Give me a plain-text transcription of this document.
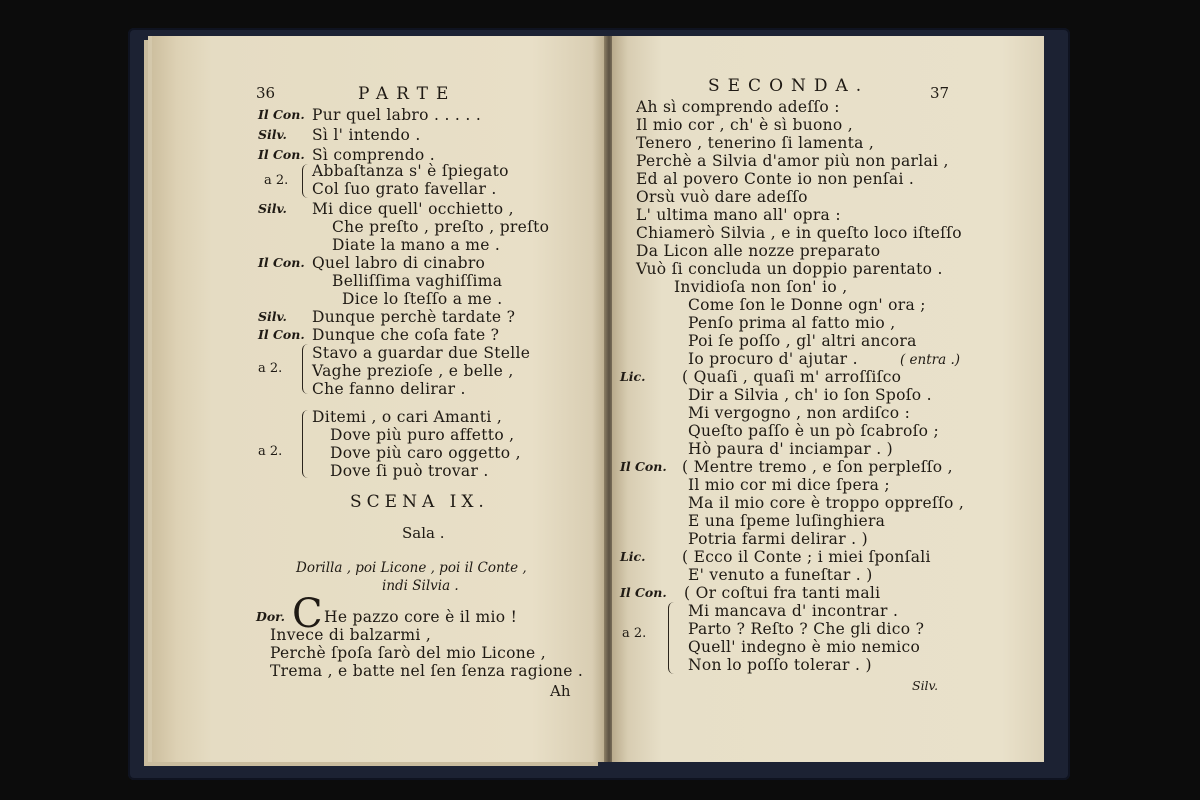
36	PARTE
Il Con. Pur quel labro . . . . .
Silv. Sì l' intendo .
Il Con. Sì comprendo .
a 2.
Abbaſtanza s' è ſpiegato
Col ſuo grato favellar .
Silv. Mi dice quell' occhietto ,
Che preſto , preſto , preſto
Diate la mano a me .
Il Con. Quel labro di cinabro
Belliſſima vaghiſſima
Dice lo ſteſſo a me .
Silv. Dunque perchè tardate ?
Il Con. Dunque che coſa fate ?
a 2.
Stavo a guardar due Stelle
Vaghe prezioſe , e belle ,
Che fanno delirar .
a 2.
Ditemi , o cari Amanti ,
Dove più puro affetto ,
Dove più caro oggetto ,
Dove ſi può trovar .
SCENA IX.
Sala .
Dorilla , poi Licone , poi il Conte ,
indi Silvia .
Dor. C He pazzo core è il mio !
Invece di balzarmi ,
Perchè ſpoſa ſarò del mio Licone ,
Trema , e batte nel ſen ſenza ragione .
Ah
SECONDA.	37
Ah sì comprendo adeſſo :
Il mio cor , ch' è sì buono ,
Tenero , tenerino ſi lamenta ,
Perchè a Silvia d'amor più non parlai ,
Ed al povero Conte io non penſai .
Orsù vuò dare adeſſo
L' ultima mano all' opra :
Chiamerò Silvia , e in queſto loco iſteſſo
Da Licon alle nozze preparato
Vuò ſi concluda un doppio parentato .
Invidioſa non ſon' io ,
Come ſon le Donne ogn' ora ;
Penſo prima al fatto mio ,
Poi ſe poſſo , gl' altri ancora
Io procuro d' ajutar .	( entra .)
Lic. ( Quaſi , quaſi m' arroſſiſco
Dir a Silvia , ch' io ſon Spoſo .
Mi vergogno , non ardiſco :
Queſto paſſo è un pò ſcabroſo ;
Hò paura d' inciampar . )
Il Con. ( Mentre tremo , e ſon perpleſſo ,
Il mio cor mi dice ſpera ;
Ma il mio core è troppo oppreſſo ,
E una ſpeme luſinghiera
Potria farmi delirar . )
Lic. ( Ecco il Conte ; i miei ſponſali
E' venuto a funeſtar . )
Il Con. ( Or coſtui fra tanti mali
a 2.
Mi mancava d' incontrar .
Parto ? Reſto ? Che gli dico ?
Quell' indegno è mio nemico
Non lo poſſo tolerar . )
Silv.
